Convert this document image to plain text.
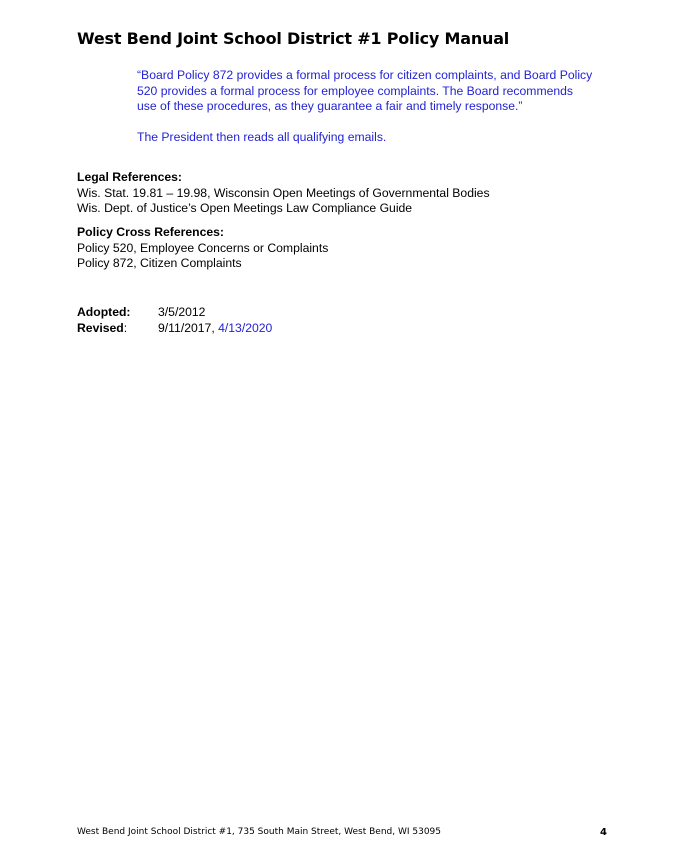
West Bend Joint School District #1 Policy Manual

“Board Policy 872 provides a formal process for citizen complaints, and Board Policy
520 provides a formal process for employee complaints. The Board recommends
use of these procedures, as they guarantee a fair and timely response.”

The President then reads all qualifying emails.

Legal References:
Wis. Stat. 19.81 – 19.98, Wisconsin Open Meetings of Governmental Bodies
Wis. Dept. of Justice’s Open Meetings Law Compliance Guide
Policy Cross References:
Policy 520, Employee Concerns or Complaints
Policy 872, Citizen Complaints
Adopted:	3/5/2012
Revised:	9/11/2017, 4/13/2020
West Bend Joint School District #1, 735 South Main Street, West Bend, WI 53095	4
